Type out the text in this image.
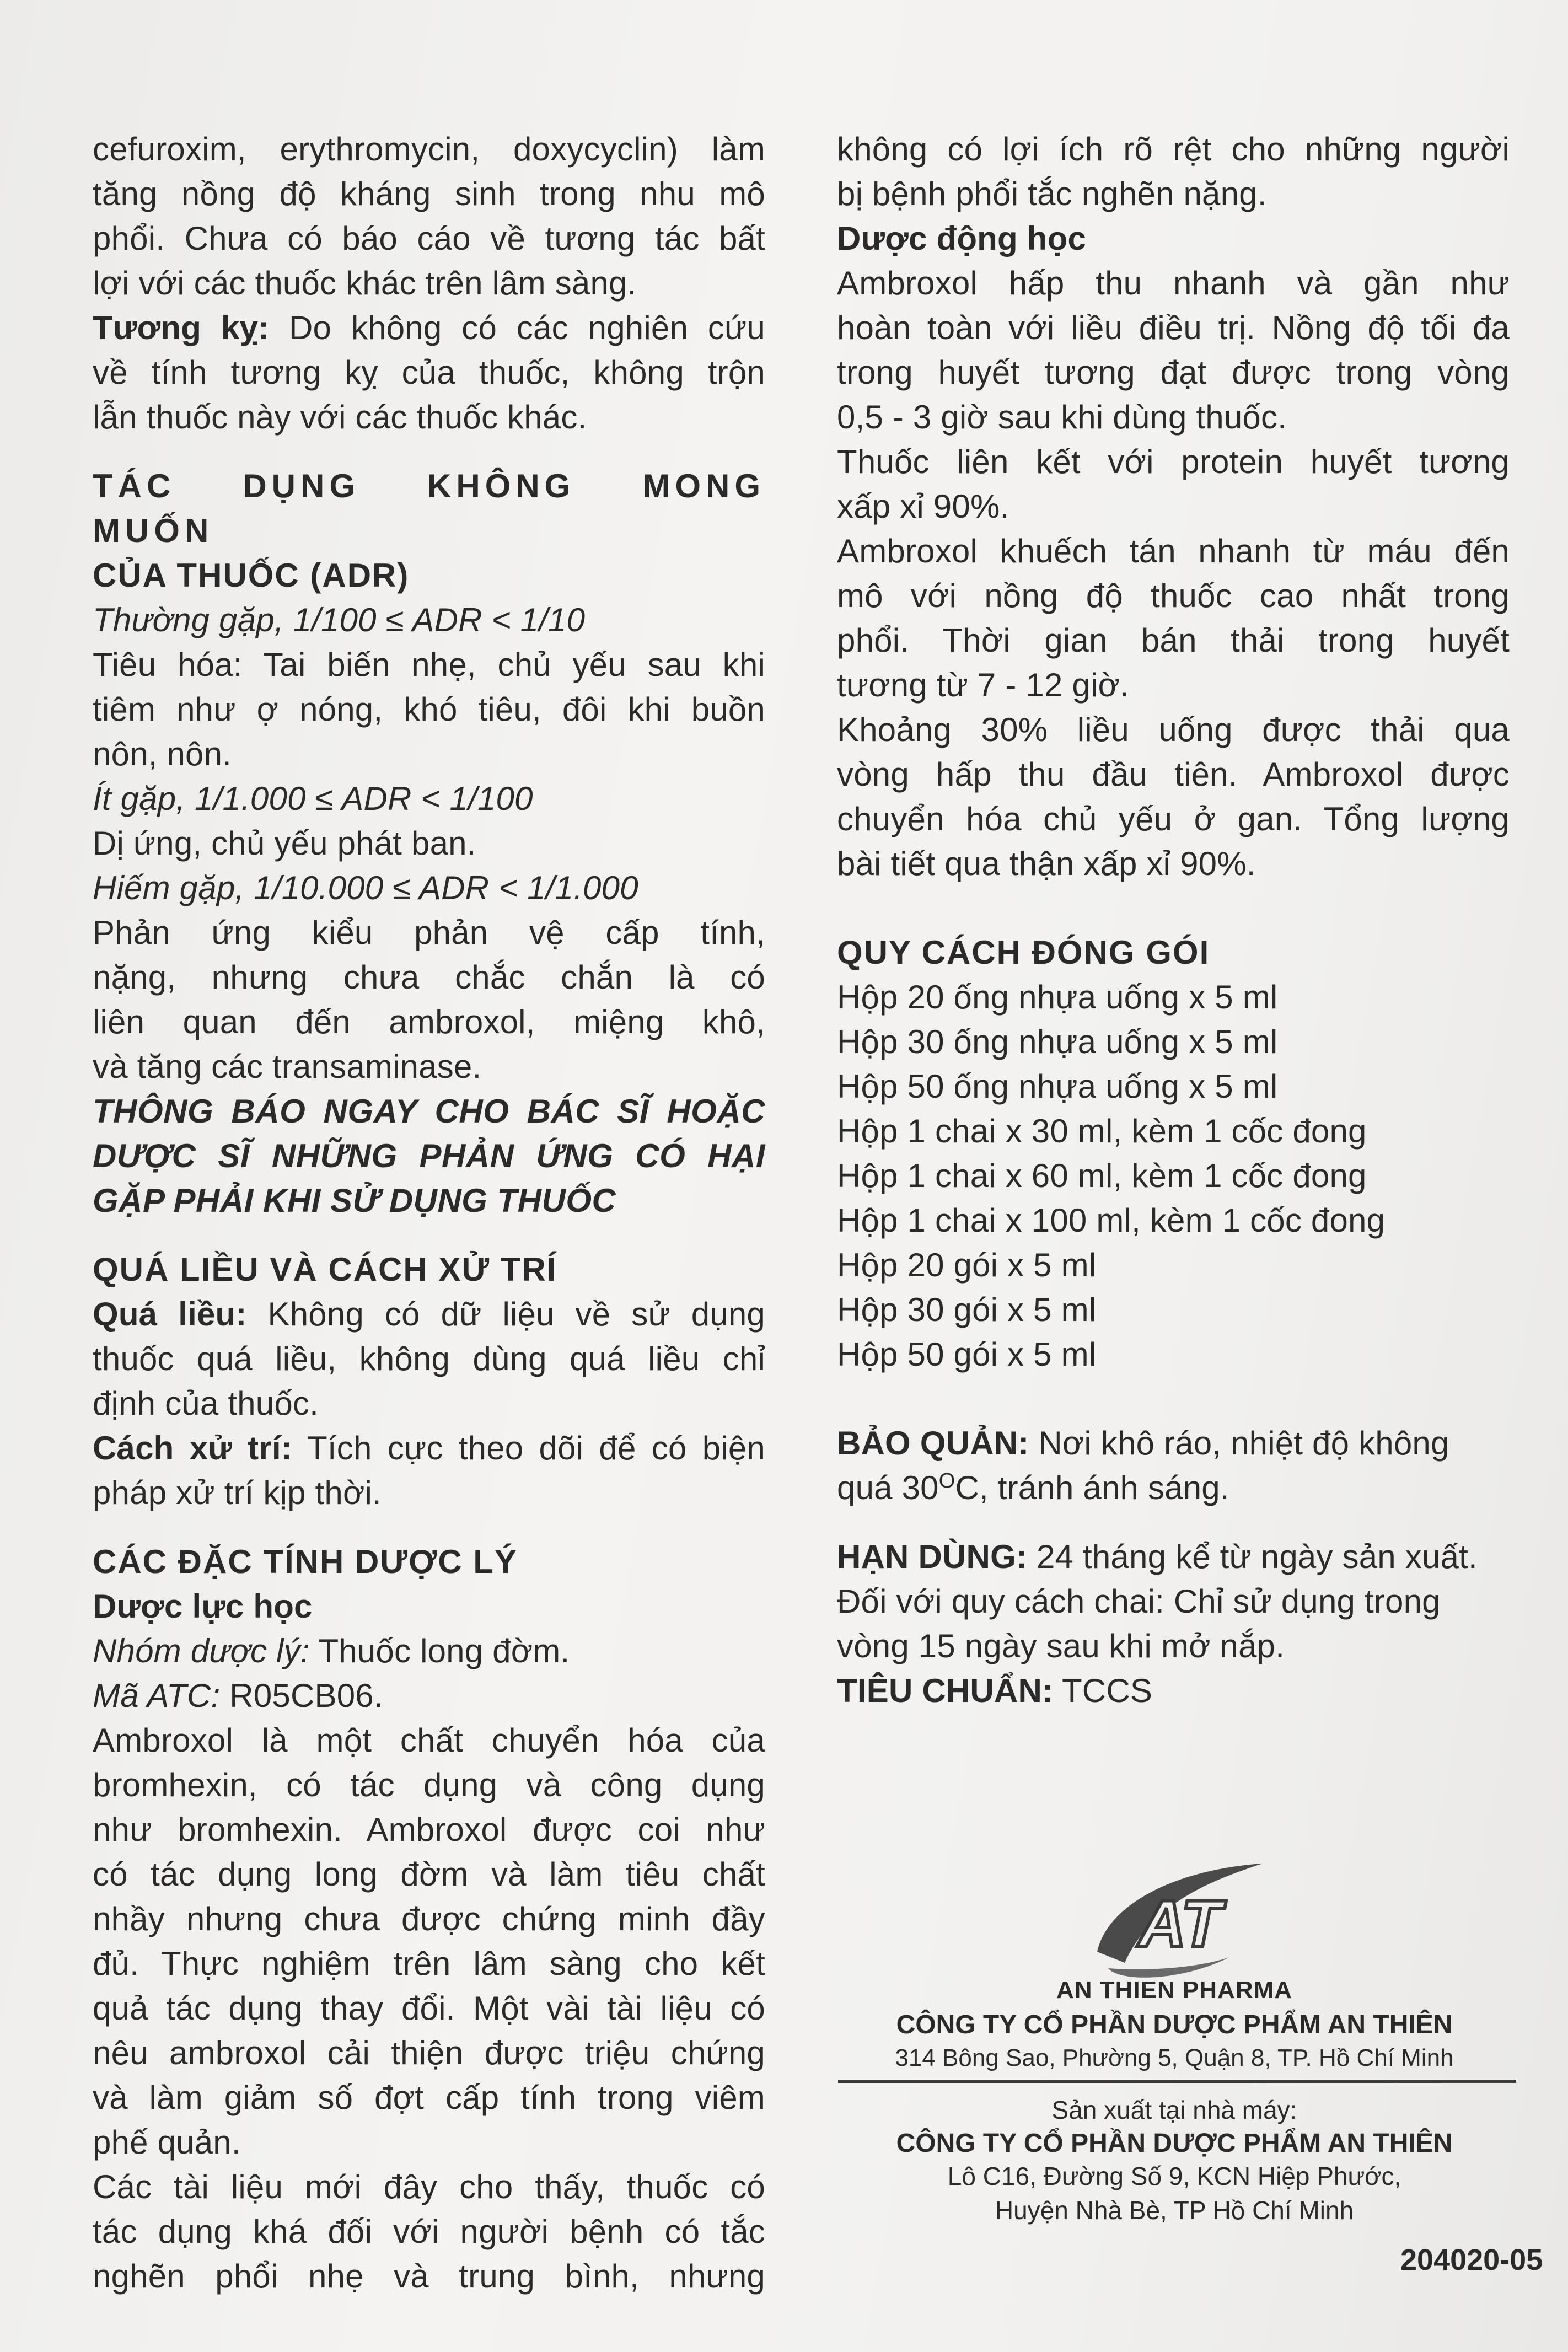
cefuroxim, erythromycin, doxycyclin) làm

tăng nồng độ kháng sinh trong nhu mô

phổi. Chưa có báo cáo về tương tác bất

lợi với các thuốc khác trên lâm sàng.

Tương kỵ: Do không có các nghiên cứu

về tính tương kỵ của thuốc, không trộn

lẫn thuốc này với các thuốc khác.

TÁC DỤNG KHÔNG MONG MUỐN

CỦA THUỐC (ADR)

Thường gặp, 1/100 ≤ ADR < 1/10

Tiêu hóa: Tai biến nhẹ, chủ yếu sau khi

tiêm như ợ nóng, khó tiêu, đôi khi buồn

nôn, nôn.

Ít gặp, 1/1.000 ≤ ADR < 1/100

Dị ứng, chủ yếu phát ban.

Hiếm gặp, 1/10.000 ≤ ADR < 1/1.000

Phản ứng kiểu phản vệ cấp tính,

nặng, nhưng chưa chắc chắn là có

liên quan đến ambroxol, miệng khô,

và tăng các transaminase.

THÔNG BÁO NGAY CHO BÁC SĨ HOẶC

DƯỢC SĨ NHỮNG PHẢN ỨNG CÓ HẠI

GẶP PHẢI KHI SỬ DỤNG THUỐC

QUÁ LIỀU VÀ CÁCH XỬ TRÍ

Quá liều: Không có dữ liệu về sử dụng

thuốc quá liều, không dùng quá liều chỉ

định của thuốc.

Cách xử trí: Tích cực theo dõi để có biện

pháp xử trí kịp thời.

CÁC ĐẶC TÍNH DƯỢC LÝ

Dược lực học

Nhóm dược lý: Thuốc long đờm.

Mã ATC: R05CB06.

Ambroxol là một chất chuyển hóa của

bromhexin, có tác dụng và công dụng

như bromhexin. Ambroxol được coi như

có tác dụng long đờm và làm tiêu chất

nhầy nhưng chưa được chứng minh đầy

đủ. Thực nghiệm trên lâm sàng cho kết

quả tác dụng thay đổi. Một vài tài liệu có

nêu ambroxol cải thiện được triệu chứng

và làm giảm số đợt cấp tính trong viêm

phế quản.

Các tài liệu mới đây cho thấy, thuốc có

tác dụng khá đối với người bệnh có tắc

nghẽn phổi nhẹ và trung bình, nhưng

không có lợi ích rõ rệt cho những người

bị bệnh phổi tắc nghẽn nặng.

Dược động học

Ambroxol hấp thu nhanh và gần như

hoàn toàn với liều điều trị. Nồng độ tối đa

trong huyết tương đạt được trong vòng

0,5 - 3 giờ sau khi dùng thuốc.

Thuốc liên kết với protein huyết tương

xấp xỉ 90%.

Ambroxol khuếch tán nhanh từ máu đến

mô với nồng độ thuốc cao nhất trong

phổi. Thời gian bán thải trong huyết

tương từ 7 - 12 giờ.

Khoảng 30% liều uống được thải qua

vòng hấp thu đầu tiên. Ambroxol được

chuyển hóa chủ yếu ở gan. Tổng lượng

bài tiết qua thận xấp xỉ 90%.

QUY CÁCH ĐÓNG GÓI

Hộp 20 ống nhựa uống x 5 ml

Hộp 30 ống nhựa uống x 5 ml

Hộp 50 ống nhựa uống x 5 ml

Hộp 1 chai x 30 ml, kèm 1 cốc đong

Hộp 1 chai x 60 ml, kèm 1 cốc đong

Hộp 1 chai x 100 ml, kèm 1 cốc đong

Hộp 20 gói x 5 ml

Hộp 30 gói x 5 ml

Hộp 50 gói x 5 ml

BẢO QUẢN: Nơi khô ráo, nhiệt độ không

quá $30^OC$, tránh ánh sáng.

HẠN DÙNG: 24 tháng kể từ ngày sản xuất.

Đối với quy cách chai: Chỉ sử dụng trong

vòng 15 ngày sau khi mở nắp.

TIÊU CHUẨN: TCCS

AT
AN THIEN PHARMA
CÔNG TY CỔ PHẦN DƯỢC PHẨM AN THIÊN
314 Bông Sao, Phường 5, Quận 8, TP. Hồ Chí Minh
Sản xuất tại nhà máy:
CÔNG TY CỔ PHẦN DƯỢC PHẨM AN THIÊN
Lô C16, Đường Số 9, KCN Hiệp Phước,
Huyện Nhà Bè, TP Hồ Chí Minh
204020-05
